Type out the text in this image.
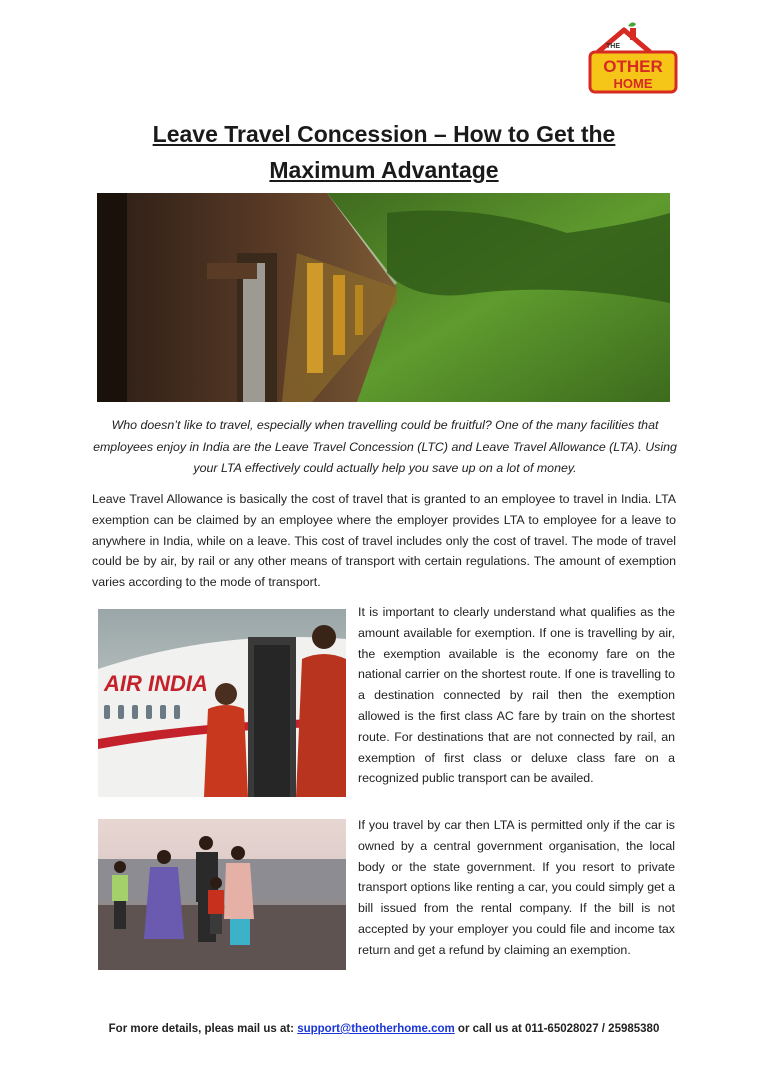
THE
OTHER
HOME
Leave Travel Concession – How to Get the Maximum Advantage

Who doesn’t like to travel, especially when travelling could be fruitful? One of the many facilities that employees enjoy in India are the Leave Travel Concession (LTC) and Leave Travel Allowance (LTA). Using your LTA effectively could actually help you save up on a lot of money.

Leave Travel Allowance is basically the cost of travel that is granted to an employee to travel in India. LTA exemption can be claimed by an employee where the employer provides LTA to employee for a leave to anywhere in India, while on a leave. This cost of travel includes only the cost of travel. The mode of travel could be by air, by rail or any other means of transport with certain regulations. The amount of exemption varies according to the mode of transport.

AIR INDIA

It is important to clearly understand what qualifies as the amount available for exemption. If one is travelling by air, the exemption available is the economy fare on the national carrier on the shortest route. If one is travelling to a destination connected by rail then the exemption allowed is the first class AC fare by train on the shortest route. For destinations that are not connected by rail, an exemption of first class or deluxe class fare on a recognized public transport can be availed.

If you travel by car then LTA is permitted only if the car is owned by a central government organisation, the local body or the state government. If you resort to private transport options like renting a car, you could simply get a bill issued from the rental company. If the bill is not accepted by your employer you could file and income tax return and get a refund by claiming an exemption.

For more details, pleas mail us at: support@theotherhome.com or call us at 011-65028027 / 25985380
